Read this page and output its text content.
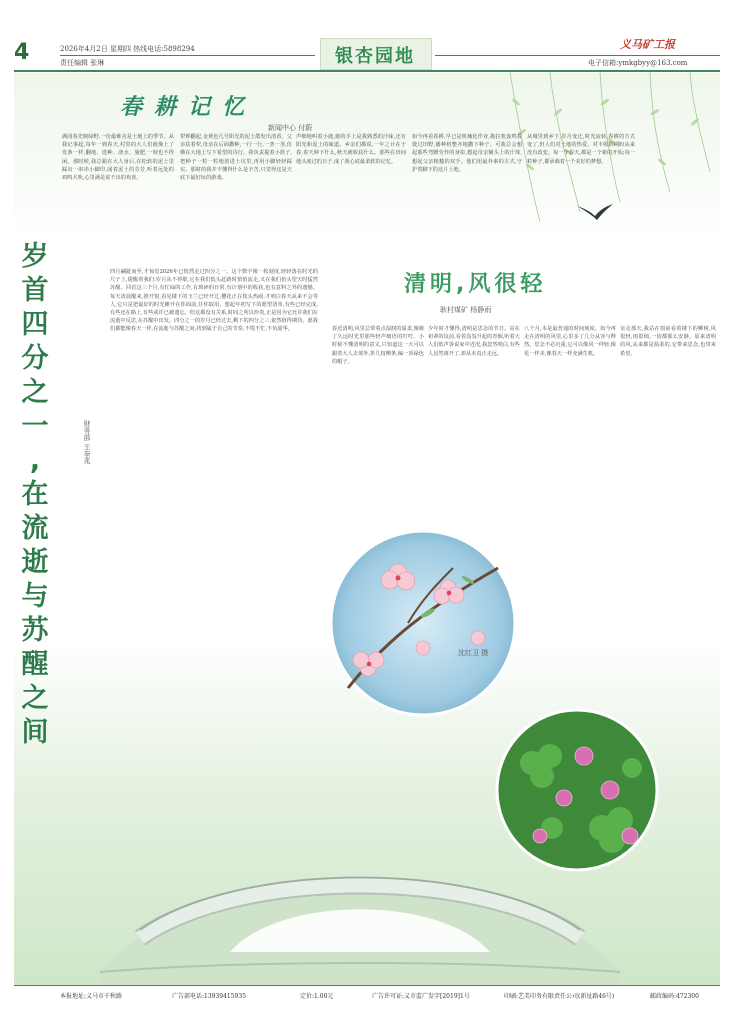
4	2026年4月2日 星期四 热线电话:5898294
责任编辑 张琳	银杏园地
义马矿工报
电子信箱:ymkgbyy@163.com
春耕记忆
新闻中心 付蔚
满园春光映绿野,一份最难舍是土地上的季节。从我记事起,每年一到春天,村里的大人们就像上了发条一样,翻地、选种、浇水、施肥,一刻也不得闲。那时候,我总跟在大人身后,在松软的泥土里踩出一串串小脚印,闻着泥土的芬芳,听着远处的鸡鸣犬吠,心里满是说不出的欢喜。
犁铧翻起,金黄色几号阳光的泥土散发出清香。父亲扶着犁,母亲在后面撒种,一行一行,一垄一垄,仿佛在大地上写下希望的诗行。我负责提着小篮子,把种子一粒一粒地放进土坑里,再用小脚轻轻踩实。那时的我并不懂得什么是辛苦,只觉得这是天底下最好玩的游戏。
声细地叫着小鹿,她的手上是我熟悉的汗味,还有阳光和泥土的味道。乡亲们都说,一年之计在于春,春天种下什么,秋天就收获什么。那些在田间地头度过的日子,成了我心底最柔软的记忆。
如今再看春耕,早已是机械化作业,拖拉机轰鸣着驶过田野,播种机整齐地撒下种子。可我总会想起那些弯腰劳作的身影,想起母亲额头上的汗珠,想起父亲粗糙的双手。他们用最朴素的方式,守护着脚下的这片土地。
从城里到乡下,岁月变迁,时光流转,春耕的方式变了,但人们对土地的热爱、对丰收的期盼从来没有改变。每一个春天,都是一个新的开始;每一粒种子,都承载着一个美好的梦想。
岁
首
四
分
之
一
,
在
流
逝
与
苏
醒
之
间
财务部 王奎兆
四月翩跹而至,才惊觉2026年已悄然走过四分之一。这个数字像一枚刻度,轻轻落在时光的尺子上,提醒着我们:岁月从不停歇,它在我们低头赶路时悄悄流走,又在我们抬头望天时猛然苏醒。回首这三个月,有忙碌的工作,有琐碎的日常,有计划中的收获,也有意料之外的遗憾。每天清晨醒来,推开窗,看见楼下的玉兰已经开过,樱花正在枝头热闹,才明白春天从来不会等人,它只是把最好的时光摊开在你面前,任你取用。想起年初写下的愿望清单,有些已经完成,有些还在路上,有些或许已被遗忘。但这都没有关系,时间之所以珍贵,正是因为它允许我们在流逝中反思,在苏醒中出发。四分之一的岁月已经过去,剩下的四分之三,依然值得期待。愿我们都能像春天一样,在流逝与苏醒之间,找到属于自己的节奏,不慌不忙,不负韶华。
清明,风很轻
耿村煤矿 杨静雨
春近清明,风里总带着点湿润的温柔,像极了久远时光里那些轻声细语的叮咛。小时候不懂清明的意义,只知道这一天可以跟着大人去郊外,折几枝柳条,编一顶绿色的帽子。
少年时才懂得,清明是思念的节日。站在祖辈的坟前,看着袅袅升起的青烟,听着大人们低声诉说家中近况,我忽然明白,有些人虽然离开了,却从未真正走远。
八个月,本是最普通的时间刻度。如今再走在清明的风里,心里多了几分从容与释然。思念不必沉重,它可以像风一样轻,像花一样美,像春天一样充满生机。
亲走那天,我站在窗前看着楼下的柳树,风很轻,雨很细,一切都那么安静。原来清明的风,从来都是温柔的,它带来思念,也带来希望。
沈红卫 摄
本报地址:义马市千秋路	广告部电话:13939415935	定价:1.00元	广告许可证:义市监广发字[2019]1号	印刷:艺美印务有限责任公司(新址路46号)	邮政编码:472300
